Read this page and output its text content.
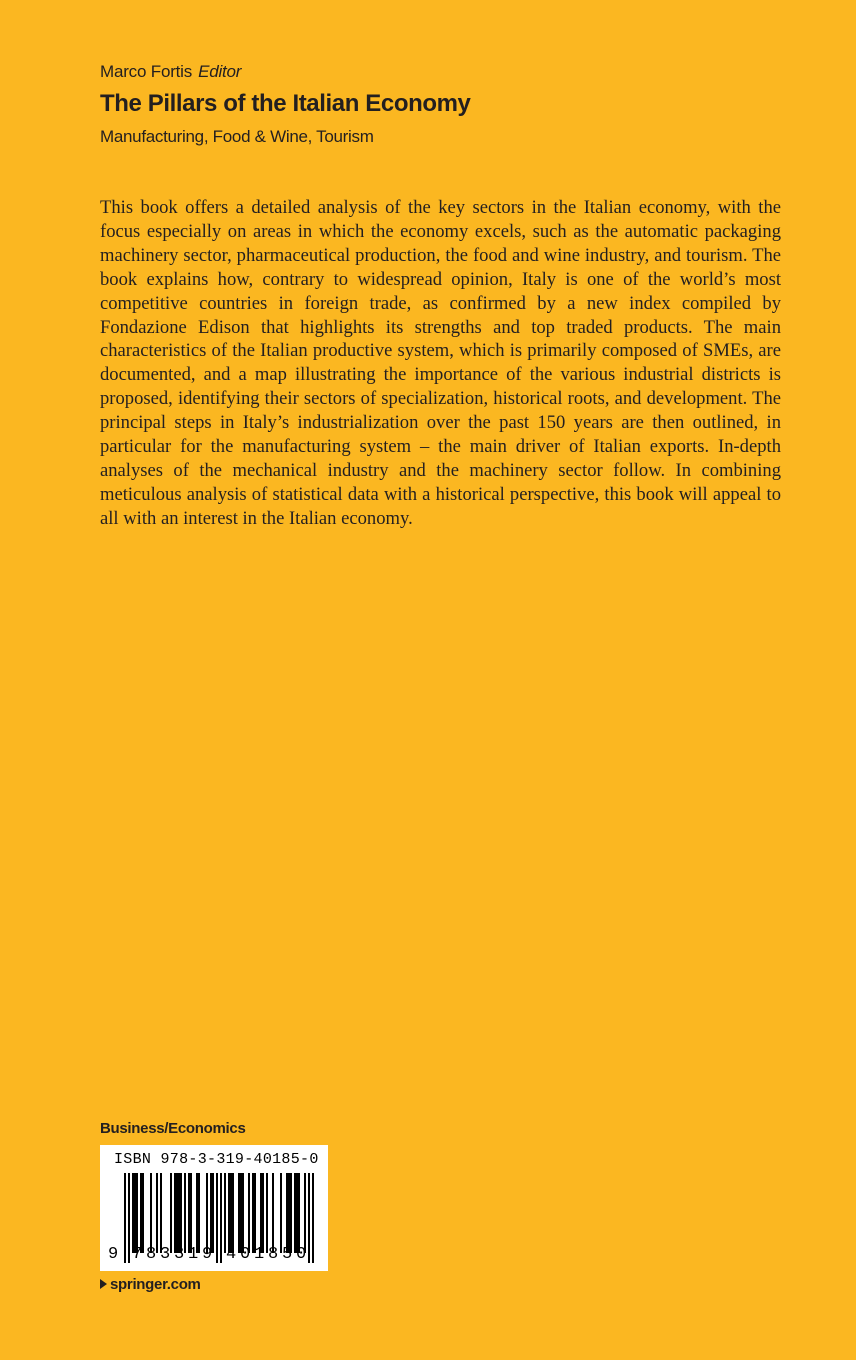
Marco Fortis Editor
The Pillars of the Italian Economy
Manufacturing, Food & Wine, Tourism

This book offers a detailed analysis of the key sectors in the Italian economy, with the focus especially on areas in which the economy excels, such as the automatic packaging machinery sector, pharmaceutical production, the food and wine industry, and tourism. The book explains how, contrary to widespread opinion, Italy is one of the world’s most competitive countries in foreign trade, as confirmed by a new index compiled by Fondazione Edison that highlights its strengths and top traded products. The main characteristics of the Italian productive system, which is primarily composed of SMEs, are documented, and a map illustrating the importance of the various industrial districts is proposed, identifying their sectors of specialization, historical roots, and development. The principal steps in Italy’s industrialization over the past 150 years are then outlined, in particular for the manufacturing system – the main driver of Italian exports. In-depth analyses of the mechanical industry and the machinery sector follow. In combining meticulous analysis of statistical data with a historical perspective, this book will appeal to all with an interest in the Italian economy.

Business/Economics
ISBN 978-3-319-40185-0
9 7 8 3 3 1 9 4 0 1 8 5 0
springer.com
